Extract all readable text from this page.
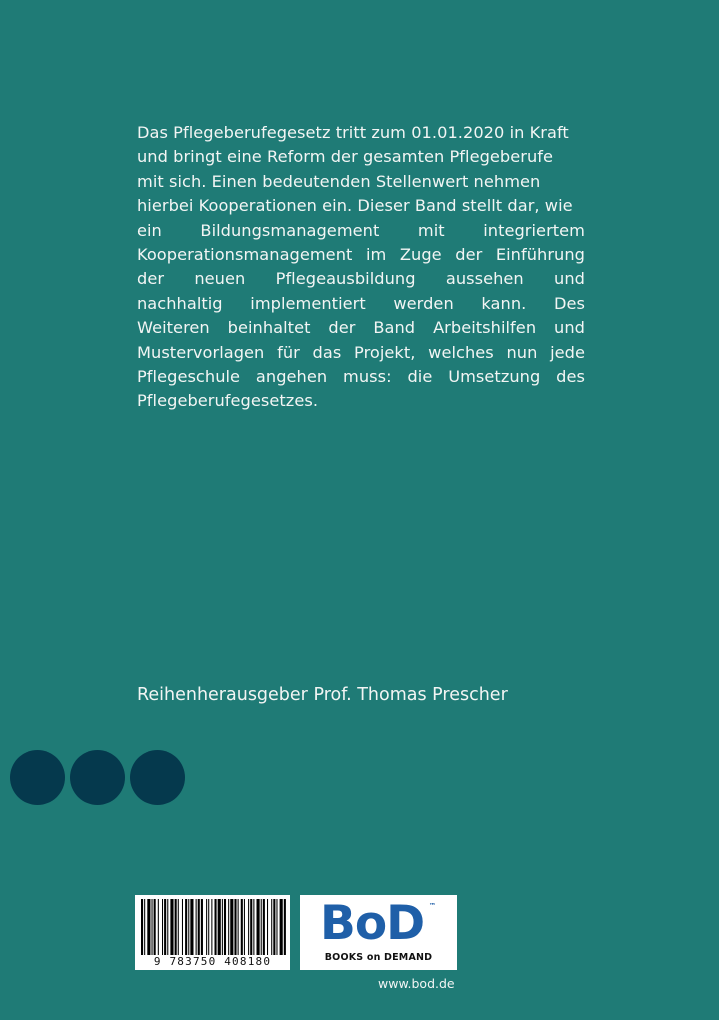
Das Pflegeberufegesetz tritt zum 01.01.2020 in Kraft
und bringt eine Reform der gesamten Pflegeberufe
mit sich. Einen bedeutenden Stellenwert nehmen
hierbei Kooperationen ein. Dieser Band stellt dar, wie
ein Bildungsmanagement mit integriertem
Kooperationsmanagement im Zuge der Einführung
der neuen Pflegeausbildung aussehen und
nachhaltig implementiert werden kann. Des
Weiteren beinhaltet der Band Arbeitshilfen und
Mustervorlagen für das Projekt, welches nun jede
Pflegeschule angehen muss: die Umsetzung des
Pflegeberufegesetzes.
Reihenherausgeber Prof. Thomas Prescher
9 783750 408180
BoD ™
BOOKS on DEMAND
www.bod.de
